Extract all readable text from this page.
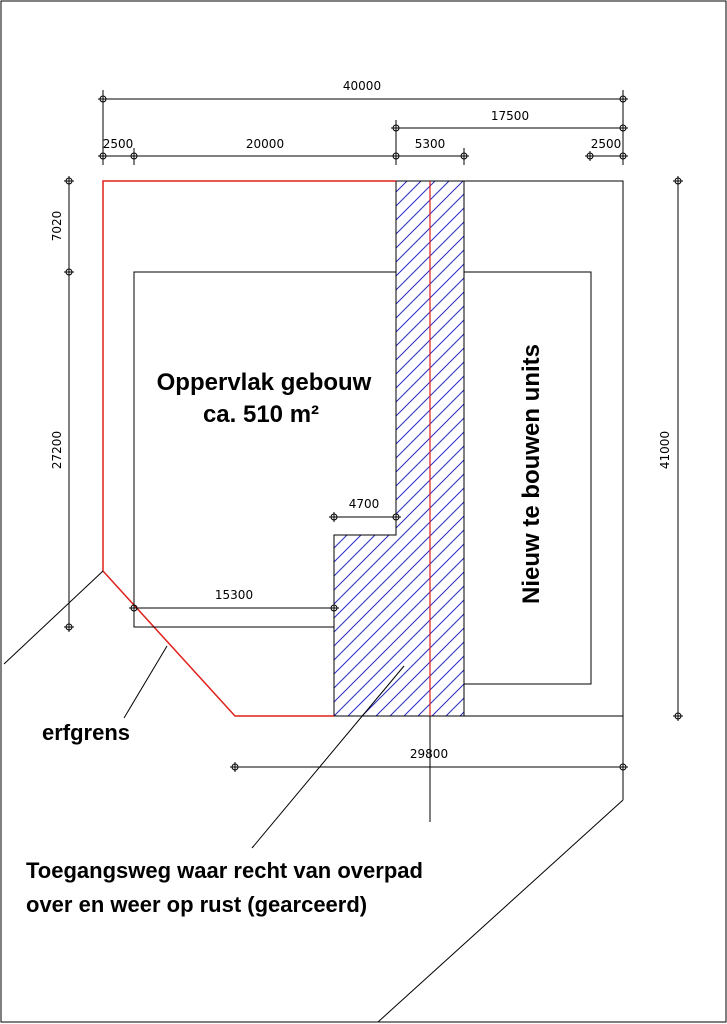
40000
17500
2500	20000	5300	2500
4700
15300
29800
7020
27200	41000
Oppervlak gebouw
ca. 510 m²	Nieuw te bouwen units
erfgrens
Toegangsweg waar recht van overpad
over en weer op rust (gearceerd)
